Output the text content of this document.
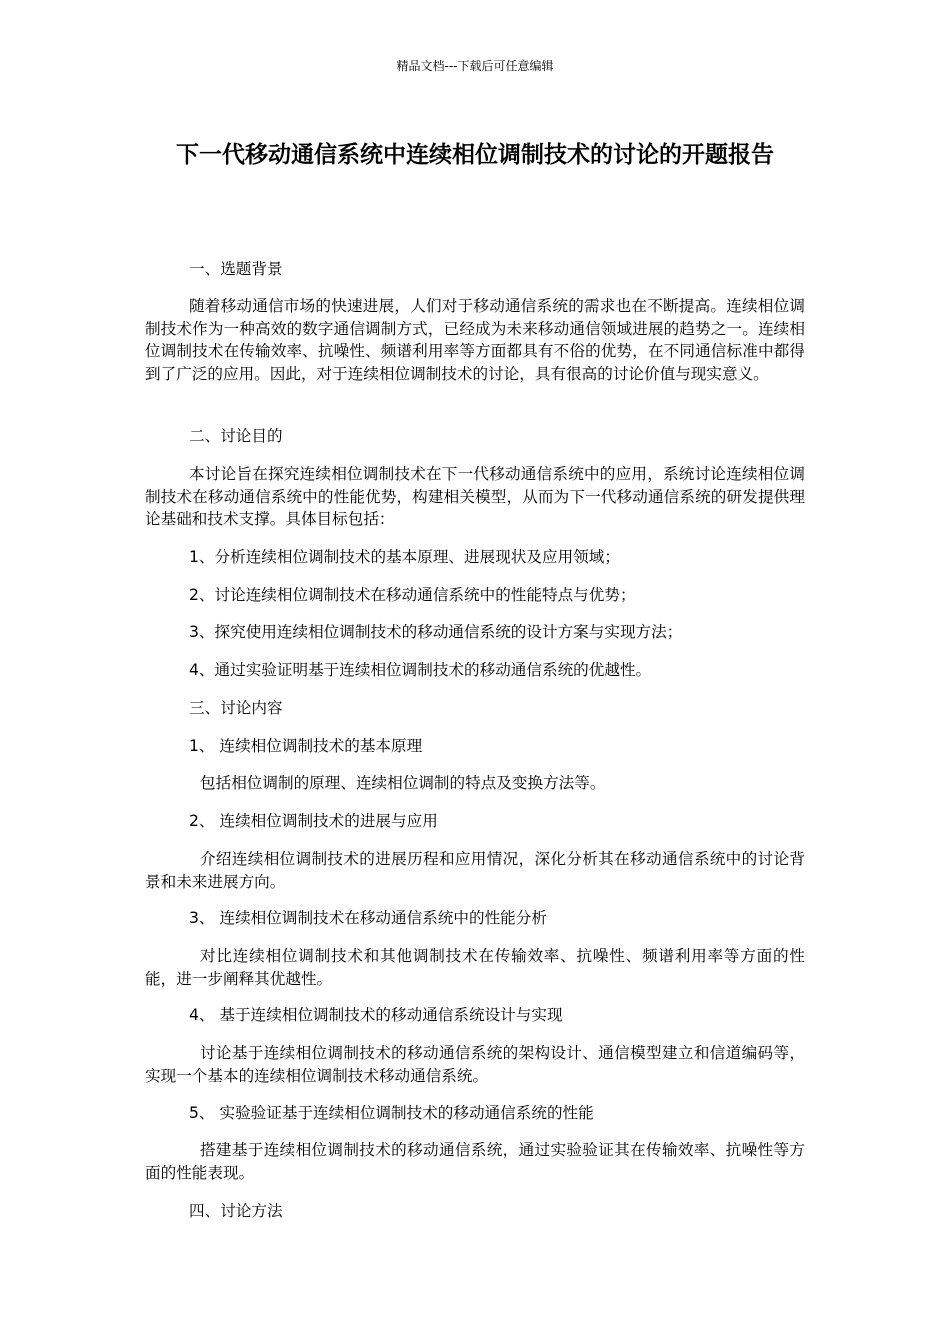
精品文档---下载后可任意编辑
下一代移动通信系统中连续相位调制技术的讨论的开题报告

一、选题背景

随着移动通信市场的快速进展，人们对于移动通信系统的需求也在不断提高。连续相位调制技术作为一种高效的数字通信调制方式，已经成为未来移动通信领域进展的趋势之一。连续相位调制技术在传输效率、抗噪性、频谱利用率等方面都具有不俗的优势，在不同通信标准中都得到了广泛的应用。因此，对于连续相位调制技术的讨论，具有很高的讨论价值与现实意义。

二、讨论目的

本讨论旨在探究连续相位调制技术在下一代移动通信系统中的应用，系统讨论连续相位调制技术在移动通信系统中的性能优势，构建相关模型，从而为下一代移动通信系统的研发提供理论基础和技术支撑。具体目标包括：

1、分析连续相位调制技术的基本原理、进展现状及应用领域；

2、讨论连续相位调制技术在移动通信系统中的性能特点与优势；

3、探究使用连续相位调制技术的移动通信系统的设计方案与实现方法；

4、通过实验证明基于连续相位调制技术的移动通信系统的优越性。

三、讨论内容

1、 连续相位调制技术的基本原理

包括相位调制的原理、连续相位调制的特点及变换方法等。

2、 连续相位调制技术的进展与应用

介绍连续相位调制技术的进展历程和应用情况，深化分析其在移动通信系统中的讨论背景和未来进展方向。

3、 连续相位调制技术在移动通信系统中的性能分析

对比连续相位调制技术和其他调制技术在传输效率、抗噪性、频谱利用率等方面的性能，进一步阐释其优越性。

4、 基于连续相位调制技术的移动通信系统设计与实现

讨论基于连续相位调制技术的移动通信系统的架构设计、通信模型建立和信道编码等，实现一个基本的连续相位调制技术移动通信系统。

5、 实验验证基于连续相位调制技术的移动通信系统的性能

搭建基于连续相位调制技术的移动通信系统，通过实验验证其在传输效率、抗噪性等方面的性能表现。

四、讨论方法
